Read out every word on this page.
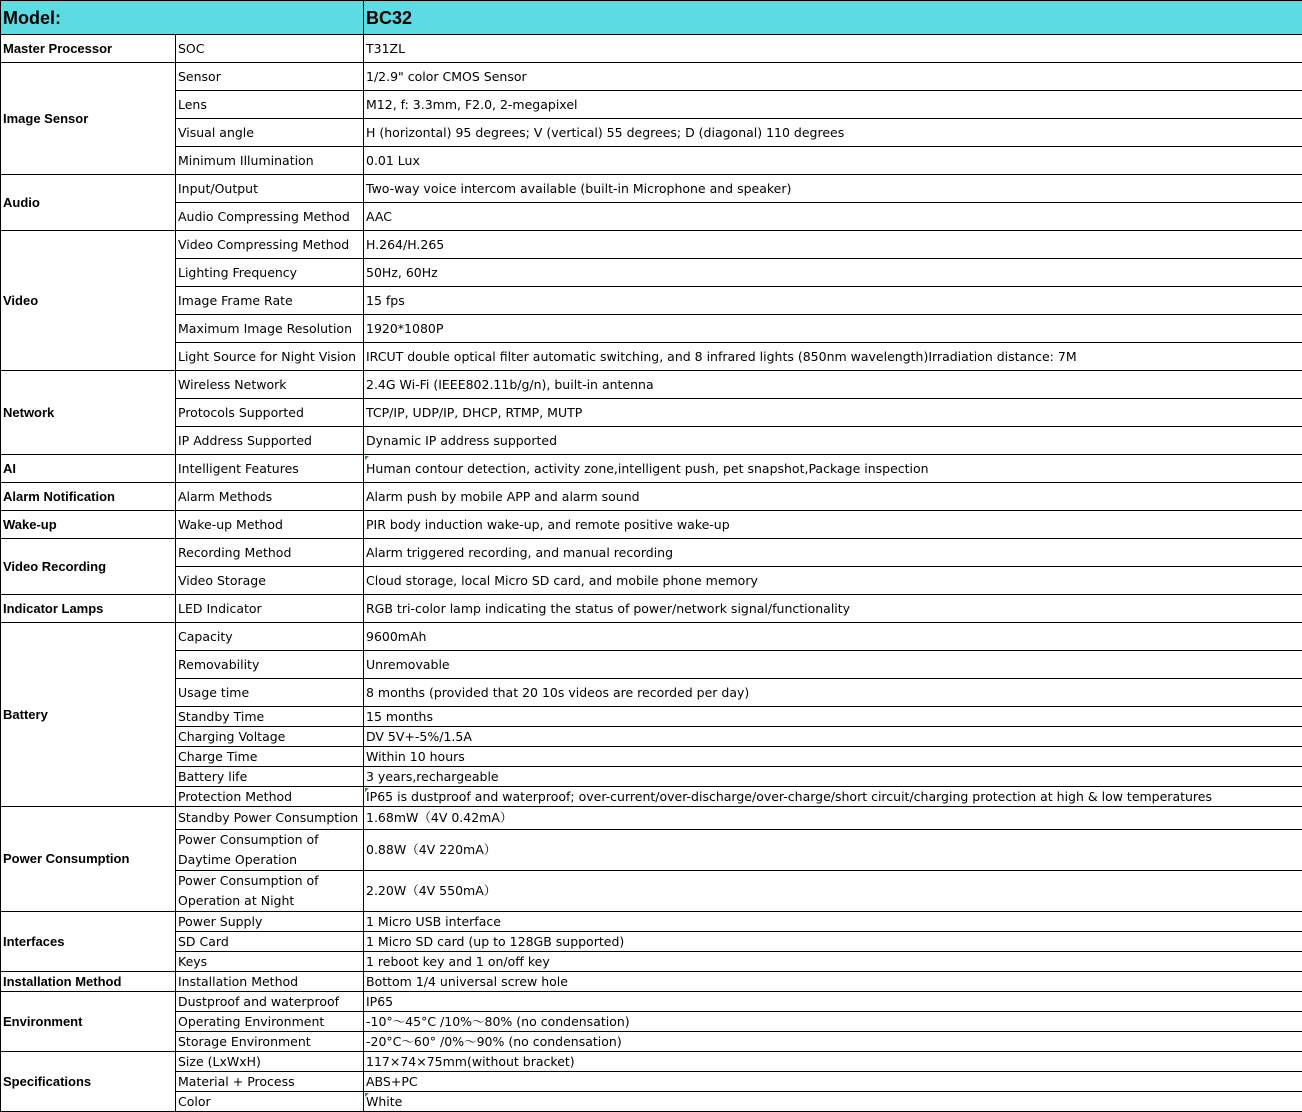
Model:		BC32
Master Processor	SOC	T31ZL
Image Sensor	Sensor	1/2.9" color CMOS Sensor
	Lens	M12, f: 3.3mm, F2.0, 2-megapixel
	Visual angle	H (horizontal) 95 degrees; V (vertical) 55 degrees; D (diagonal) 110 degrees
	Minimum Illumination	0.01 Lux
Audio	Input/Output	Two-way voice intercom available (built-in Microphone and speaker)
	Audio Compressing Method	AAC
Video	Video Compressing Method	H.264/H.265
	Lighting Frequency	50Hz, 60Hz
	Image Frame Rate	15 fps
	Maximum Image Resolution	1920*1080P
	Light Source for Night Vision	IRCUT double optical filter automatic switching, and 8 infrared lights (850nm wavelength)Irradiation distance: 7M
Network	Wireless Network	2.4G Wi-Fi (IEEE802.11b/g/n), built-in antenna
	Protocols Supported	TCP/IP, UDP/IP, DHCP, RTMP, MUTP
	IP Address Supported	Dynamic IP address supported
AI	Intelligent Features	Human contour detection, activity zone,intelligent push, pet snapshot,Package inspection
Alarm Notification	Alarm Methods	Alarm push by mobile APP and alarm sound
Wake-up	Wake-up Method	PIR body induction wake-up, and remote positive wake-up
Video Recording	Recording Method	Alarm triggered recording, and manual recording
	Video Storage	Cloud storage, local Micro SD card, and mobile phone memory
Indicator Lamps	LED Indicator	RGB tri-color lamp indicating the status of power/network signal/functionality
Battery	Capacity	9600mAh
	Removability	Unremovable
	Usage time	8 months (provided that 20 10s videos are recorded per day)
	Standby Time	15 months
	Charging Voltage	DV 5V+-5%/1.5A
	Charge Time	Within 10 hours
	Battery life	3 years,rechargeable
	Protection Method	IP65 is dustproof and waterproof; over-current/over-discharge/over-charge/short circuit/charging protection at high & low temperatures
Power Consumption	Standby Power Consumption	1.68mW（4V 0.42mA）
	Power Consumption of Daytime Operation	0.88W（4V 220mA）
	Power Consumption of Operation at Night	2.20W（4V 550mA）
Interfaces	Power Supply	1 Micro USB interface
	SD Card	1 Micro SD card (up to 128GB supported)
	Keys	1 reboot key and 1 on/off key
Installation Method	Installation Method	Bottom 1/4 universal screw hole
Environment	Dustproof and waterproof	IP65
	Operating Environment	-10°～45°C /10%～80% (no condensation)
	Storage Environment	-20°C～60° /0%～90% (no condensation)
Specifications	Size (LxWxH)	117×74×75mm(without bracket)
	Material + Process	ABS+PC
	Color	White
